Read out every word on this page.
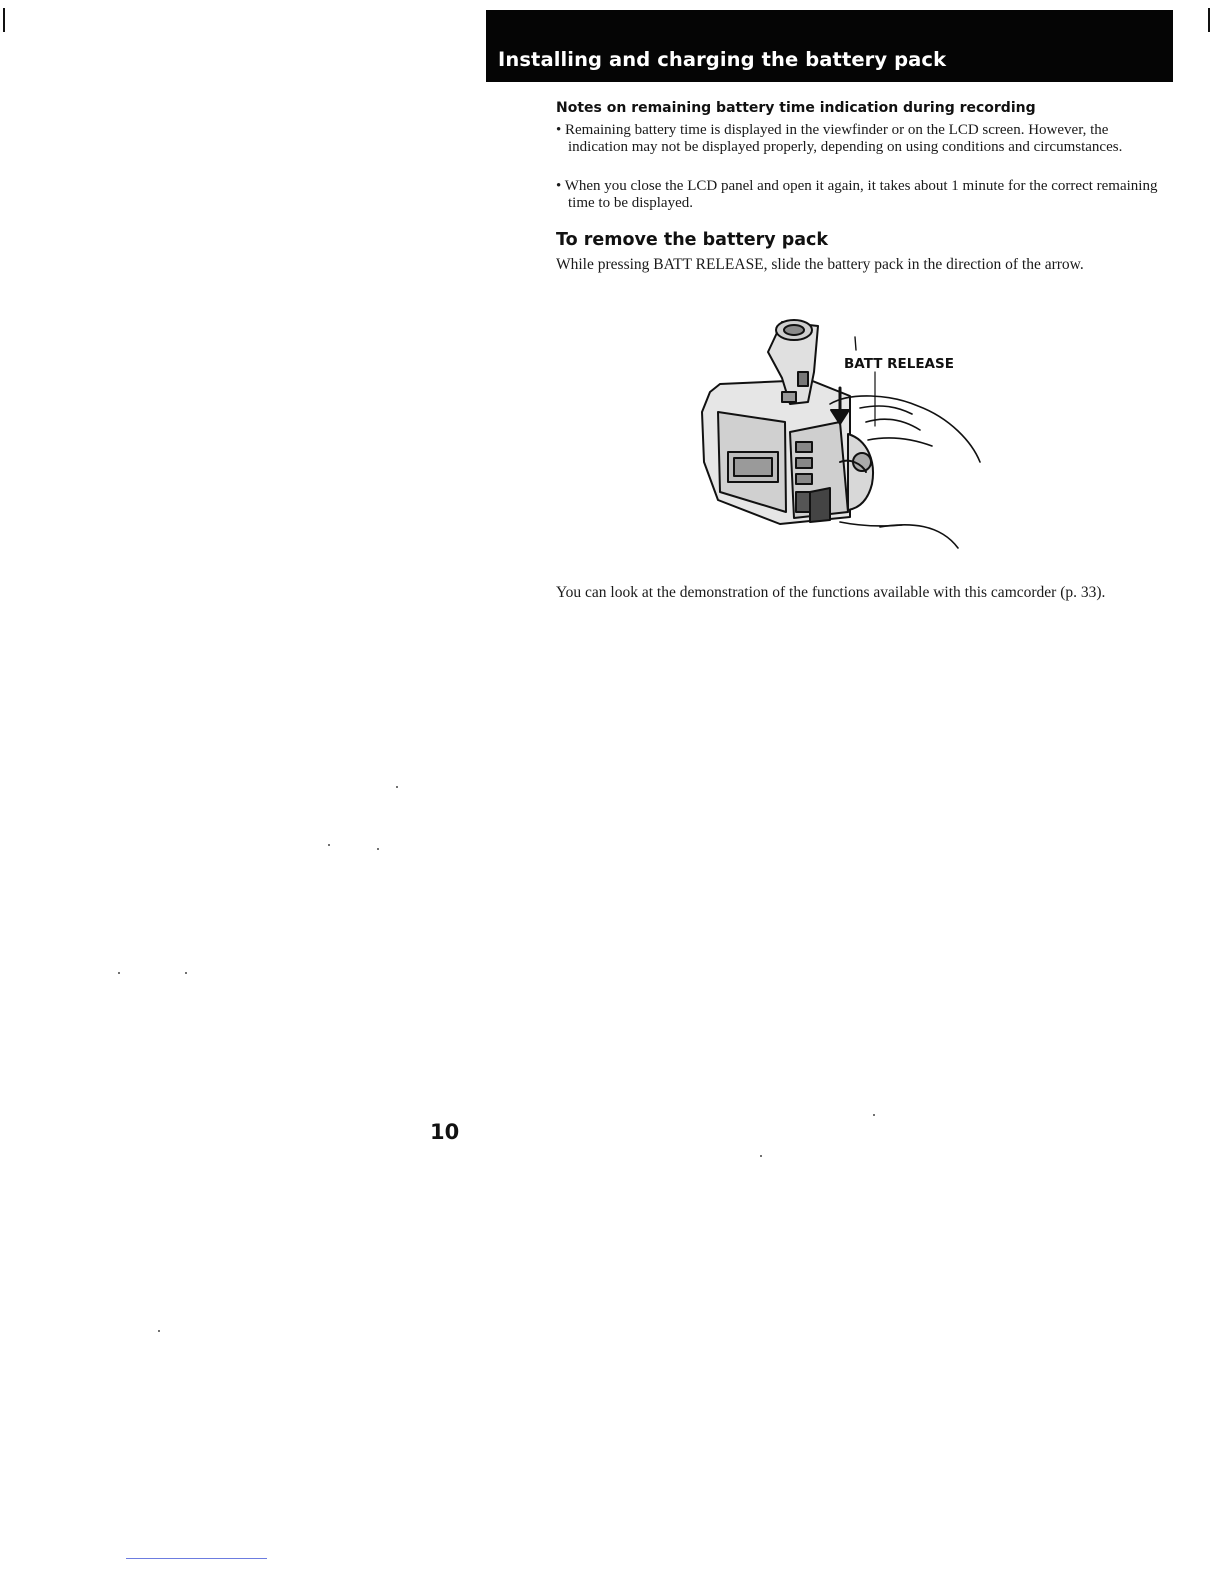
Installing and charging the battery pack
Notes on remaining battery time indication during recording

• Remaining battery time is displayed in the viewfinder or on the LCD screen. However, the indication may not be displayed properly, depending on using conditions and circumstances.

• When you close the LCD panel and open it again, it takes about 1 minute for the correct remaining time to be displayed.

To remove the battery pack

While pressing BATT RELEASE, slide the battery pack in the direction of the arrow.

BATT RELEASE

You can look at the demonstration of the functions available with this camcorder (p. 33).

10
